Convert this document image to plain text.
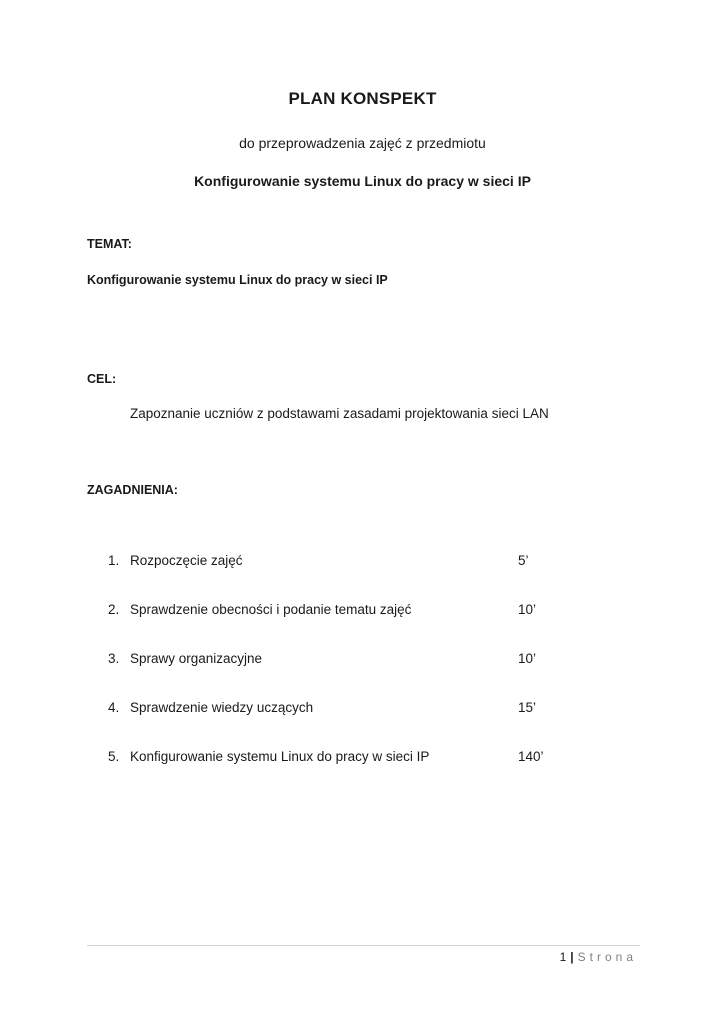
PLAN KONSPEKT
do przeprowadzenia zajęć z przedmiotu
Konfigurowanie systemu Linux do pracy w sieci IP
TEMAT:
Konfigurowanie systemu Linux do pracy w sieci IP
CEL:
Zapoznanie uczniów z podstawami zasadami projektowania sieci LAN
ZAGADNIENIA:
1. Rozpoczęcie zajęć	5’
2. Sprawdzenie obecności i podanie tematu zajęć	10’
3. Sprawy organizacyjne	10’
4. Sprawdzenie wiedzy uczących	15’
5. Konfigurowanie systemu Linux do pracy w sieci IP	140’
1 | Strona
